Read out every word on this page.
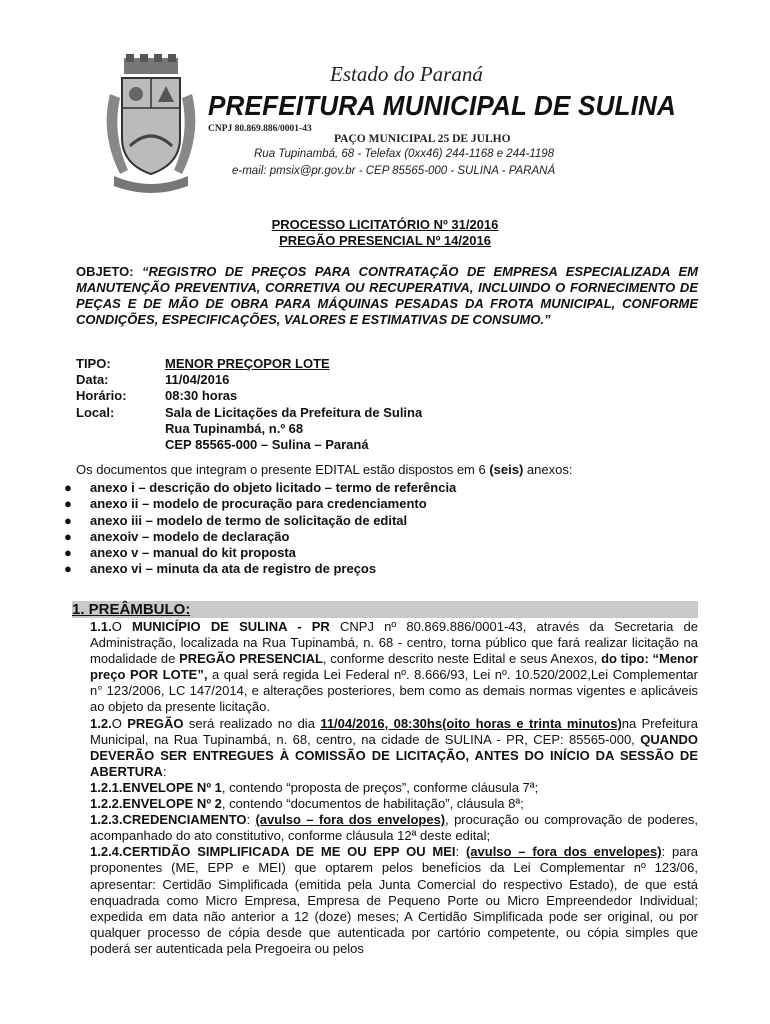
Estado do Paraná
PREFEITURA MUNICIPAL DE SULINA
CNPJ 80.869.886/0001-43
PAÇO MUNICIPAL 25 DE JULHO
Rua Tupinambá, 68 - Telefax (0xx46) 244-1168 e 244-1198
e-mail: pmsix@pr.gov.br - CEP 85565-000 - SULINA - PARANÁ
PROCESSO LICITATÓRIO Nº 31/2016
PREGÃO PRESENCIAL Nº 14/2016
OBJETO: “REGISTRO DE PREÇOS PARA CONTRATAÇÃO DE EMPRESA ESPECIALIZADA EM MANUTENÇÃO PREVENTIVA, CORRETIVA OU RECUPERATIVA, INCLUINDO O FORNECIMENTO DE PEÇAS E DE MÃO DE OBRA PARA MÁQUINAS PESADAS DA FROTA MUNICIPAL, CONFORME CONDIÇÕES, ESPECIFICAÇÕES, VALORES E ESTIMATIVAS DE CONSUMO.”
TIPO:	MENOR PREÇOPOR LOTE
Data:	11/04/2016
Horário:	08:30 horas
Local:	Sala de Licitações da Prefeitura de Sulina
Rua Tupinambá, n.º 68
CEP 85565-000 – Sulina – Paraná
Os documentos que integram o presente EDITAL estão dispostos em 6 (seis) anexos:
●	anexo i – descrição do objeto licitado – termo de referência
●	anexo ii – modelo de procuração para credenciamento
●	anexo iii – modelo de termo de solicitação de edital
●	anexoiv – modelo de declaração
●	anexo v – manual do kit proposta
●	anexo vi – minuta da ata de registro de preços
1. PREÂMBULO:

1.1.O MUNICÍPIO DE SULINA - PR CNPJ nº 80.869.886/0001-43, através da Secretaria de Administração, localizada na Rua Tupinambá, n. 68 - centro, torna público que fará realizar licitação na modalidade de PREGÃO PRESENCIAL, conforme descrito neste Edital e seus Anexos, do tipo: “Menor preço POR LOTE”, a qual será regida Lei Federal nº. 8.666/93, Lei nº. 10.520/2002,Lei Complementar n° 123/2006, LC 147/2014, e alterações posteriores, bem como as demais normas vigentes e aplicáveis ao objeto da presente licitação.

1.2.O PREGÃO será realizado no dia 11/04/2016, 08:30hs(oito horas e trinta minutos)na Prefeitura Municipal, na Rua Tupinambá, n. 68, centro, na cidade de SULINA - PR, CEP: 85565-000, QUANDO DEVERÃO SER ENTREGUES À COMISSÃO DE LICITAÇÃO, ANTES DO INÍCIO DA SESSÃO DE ABERTURA:

1.2.1.ENVELOPE Nº 1, contendo “proposta de preços”, conforme cláusula 7ª;

1.2.2.ENVELOPE Nº 2, contendo “documentos de habilitação”, cláusula 8ª;

1.2.3.CREDENCIAMENTO: (avulso – fora dos envelopes), procuração ou comprovação de poderes, acompanhado do ato constitutivo, conforme cláusula 12ª deste edital;

1.2.4.CERTIDÃO SIMPLIFICADA DE ME OU EPP OU MEI: (avulso – fora dos envelopes): para proponentes (ME, EPP e MEI) que optarem pelos benefícios da Lei Complementar nº 123/06, apresentar: Certidão Simplificada (emitida pela Junta Comercial do respectivo Estado), de que está enquadrada como Micro Empresa, Empresa de Pequeno Porte ou Micro Empreendedor Individual; expedida em data não anterior a 12 (doze) meses; A Certidão Simplificada pode ser original, ou por qualquer processo de cópia desde que autenticada por cartório competente, ou cópia simples que poderá ser autenticada pela Pregoeira ou pelos
